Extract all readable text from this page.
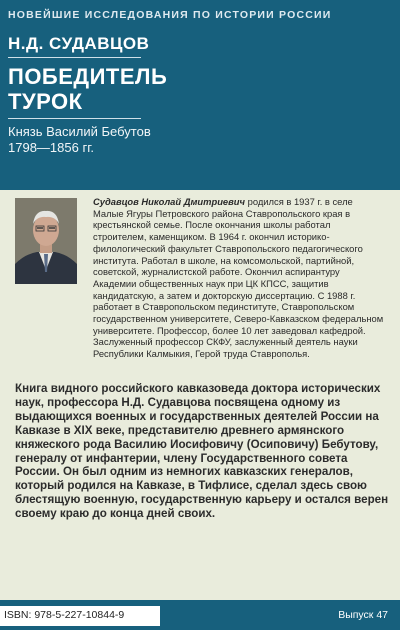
НОВЕЙШИЕ ИССЛЕДОВАНИЯ ПО ИСТОРИИ РОССИИ
Н.Д. СУДАВЦОВ
ПОБЕДИТЕЛЬ
ТУРОК
Князь Василий Бебутов
1798—1856 гг.
Судавцов Николай Дмитриевич родился в 1937 г. в селе Малые Ягуры Петровского района Ставропольского края в крестьянской семье. После окончания школы работал строителем, каменщиком. В 1964 г. окончил историко-филологический факультет Ставропольского педагогического института. Работал в школе, на комсомольской, партийной, советской, журналистской работе. Окончил аспирантуру Академии общественных наук при ЦК КПСС, защитив кандидатскую, а затем и докторскую диссертацию. С 1988 г. работает в Ставропольском пединституте, Ставропольском государственном университете, Северо-Кавказском федеральном университете. Профессор, более 10 лет заведовал кафедрой. Заслуженный профессор СКФУ, заслуженный деятель науки Республики Калмыкия, Герой труда Ставрополья.
Книга видного российского кавказоведа доктора исторических наук, профессора Н.Д. Судавцова посвящена одному из выдающихся военных и государственных деятелей России на Кавказе в XIX веке, представителю древнего армянского княжеского рода Василию Иосифовичу (Осиповичу) Бебутову, генералу от инфантерии, члену Государственного совета России. Он был одним из немногих кавказских генералов, который родился на Кавказе, в Тифлисе, сделал здесь свою блестящую военную, государственную карьеру и остался верен своему краю до конца дней своих.
ISBN: 978-5-227-10844-9	Выпуск 47
